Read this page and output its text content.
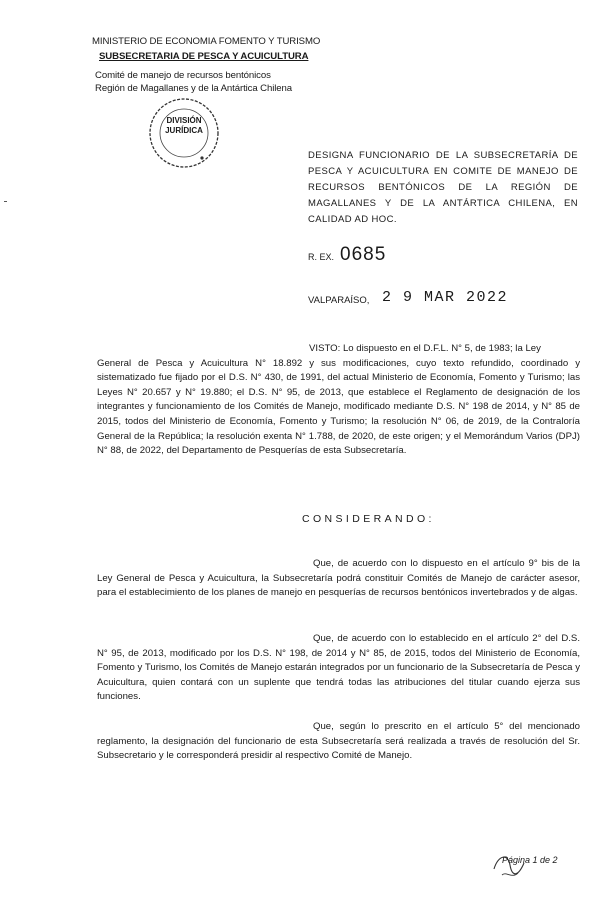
MINISTERIO DE ECONOMIA FOMENTO Y TURISMO
SUBSECRETARIA DE PESCA Y ACUICULTURA
Comité de manejo de recursos bentónicos
Región de Magallanes y de la Antártica Chilena
DIVISIÓN
JURÍDICA
DESIGNA FUNCIONARIO DE LA SUBSECRETARÍA DE PESCA Y ACUICULTURA EN COMITE DE MANEJO DE RECURSOS BENTÓNICOS DE LA REGIÓN DE MAGALLANES Y DE LA ANTÁRTICA CHILENA, EN CALIDAD AD HOC.
R. EX. 0685
VALPARAÍSO, 2 9 MAR 2022
VISTO: Lo dispuesto en el D.F.L. N° 5, de 1983; la Ley
General de Pesca y Acuicultura N° 18.892 y sus modificaciones, cuyo texto refundido, coordinado y sistematizado fue fijado por el D.S. N° 430, de 1991, del actual Ministerio de Economía, Fomento y Turismo; las Leyes N° 20.657 y N° 19.880; el D.S. N° 95, de 2013, que establece el Reglamento de designación de los integrantes y funcionamiento de los Comités de Manejo, modificado mediante D.S. N° 198 de 2014, y N° 85 de 2015, todos del Ministerio de Economía, Fomento y Turismo; la resolución N° 06, de 2019, de la Contraloría General de la República; la resolución exenta N° 1.788, de 2020, de este origen; y el Memorándum Varios (DPJ) N° 88, de 2022, del Departamento de Pesquerías de esta Subsecretaría.
CONSIDERANDO:
Que, de acuerdo con lo dispuesto en el artículo 9° bis de la Ley General de Pesca y Acuicultura, la Subsecretaría podrá constituir Comités de Manejo de carácter asesor, para el establecimiento de los planes de manejo en pesquerías de recursos bentónicos invertebrados y de algas.
Que, de acuerdo con lo establecido en el artículo 2° del D.S. N° 95, de 2013, modificado por los D.S. N° 198, de 2014 y N° 85, de 2015, todos del Ministerio de Economía, Fomento y Turismo, los Comités de Manejo estarán integrados por un funcionario de la Subsecretaría de Pesca y Acuicultura, quien contará con un suplente que tendrá todas las atribuciones del titular cuando ejerza sus funciones.
Que, según lo prescrito en el artículo 5° del mencionado reglamento, la designación del funcionario de esta Subsecretaría será realizada a través de resolución del Sr. Subsecretario y le corresponderá presidir al respectivo Comité de Manejo.
Página 1 de 2
